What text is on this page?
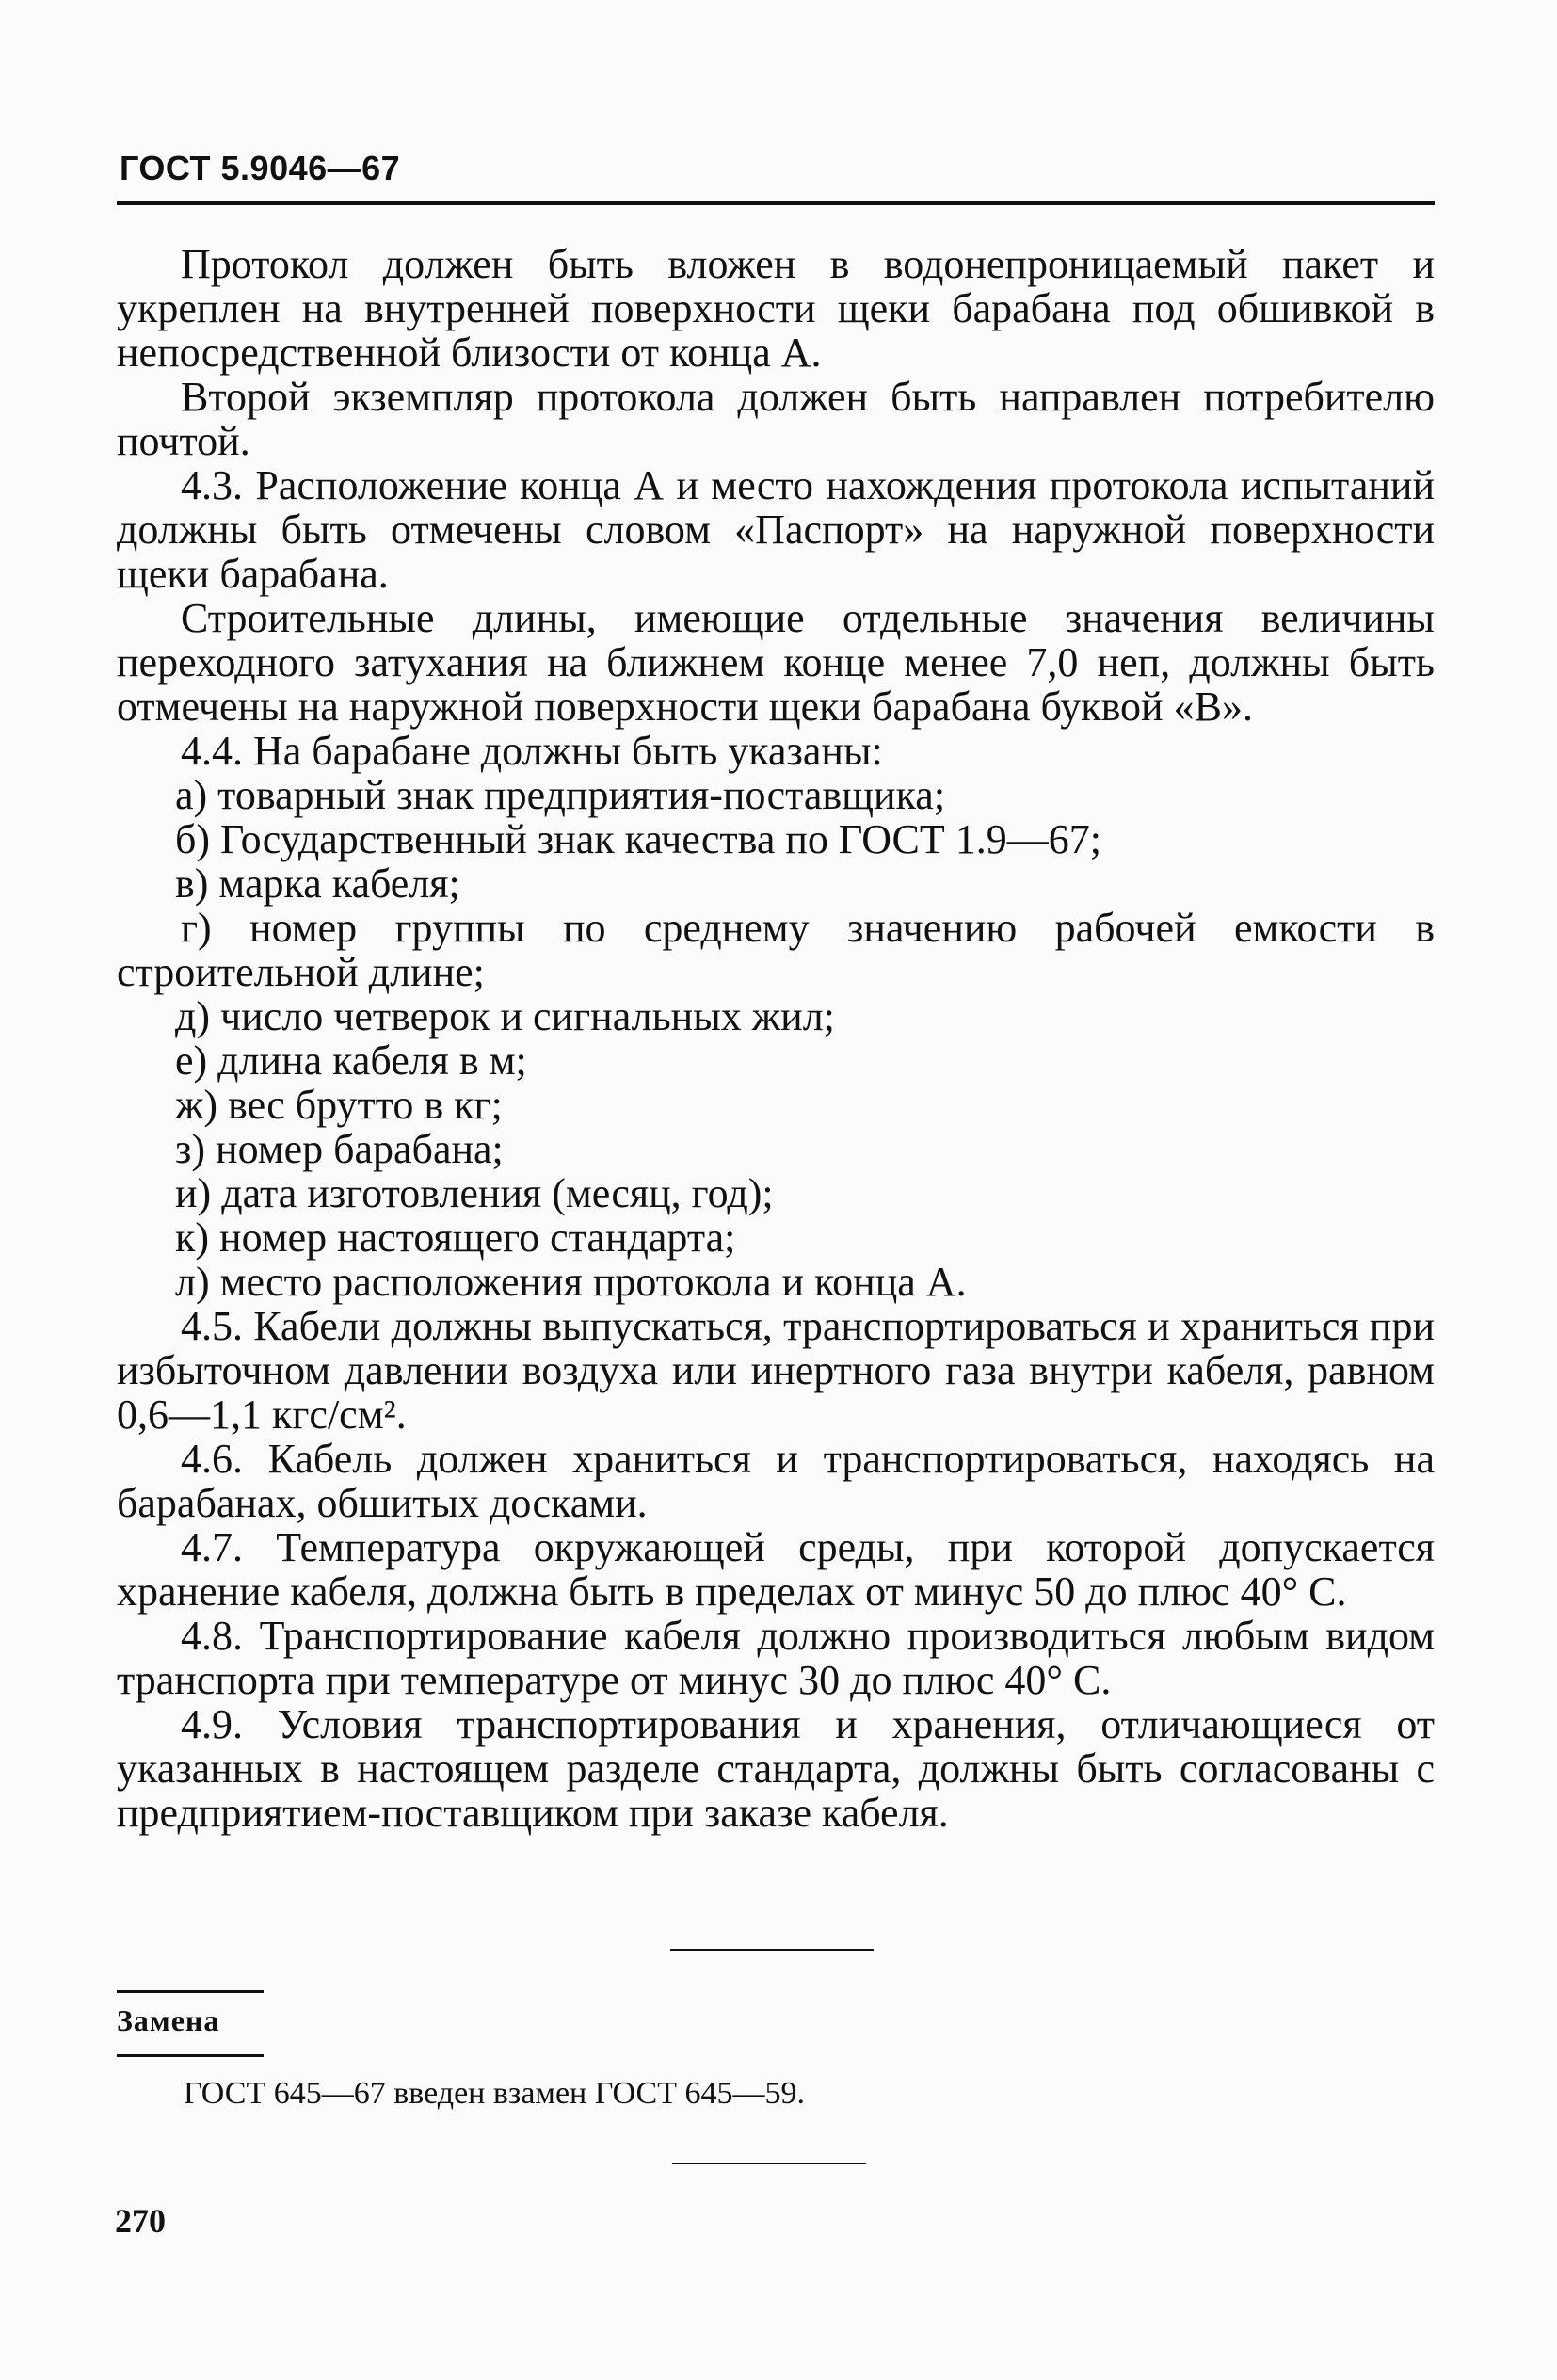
ГОСТ 5.9046—67

Протокол должен быть вложен в водонепроницаемый пакет и укреплен на внутренней поверхности щеки барабана под обшивкой в непосредственной близости от конца А.

Второй экземпляр протокола должен быть направлен потребителю почтой.

4.3. Расположение конца А и место нахождения протокола испытаний должны быть отмечены словом «Паспорт» на наружной поверхности щеки барабана.

Строительные длины, имеющие отдельные значения величины переходного затухания на ближнем конце менее 7,0 неп, должны быть отмечены на наружной поверхности щеки барабана буквой «В».

4.4. На барабане должны быть указаны:

а) товарный знак предприятия-поставщика;

б) Государственный знак качества по ГОСТ 1.9—67;

в) марка кабеля;

г) номер группы по среднему значению рабочей емкости в строительной длине;

д) число четверок и сигнальных жил;

е) длина кабеля в м;

ж) вес брутто в кг;

з) номер барабана;

и) дата изготовления (месяц, год);

к) номер настоящего стандарта;

л) место расположения протокола и конца А.

4.5. Кабели должны выпускаться, транспортироваться и храниться при избыточном давлении воздуха или инертного газа внутри кабеля, равном 0,6—1,1 кгс/см².

4.6. Кабель должен храниться и транспортироваться, находясь на барабанах, обшитых досками.

4.7. Температура окружающей среды, при которой допускается хранение кабеля, должна быть в пределах от минус 50 до плюс 40° С.

4.8. Транспортирование кабеля должно производиться любым видом транспорта при температуре от минус 30 до плюс 40° С.

4.9. Условия транспортирования и хранения, отличающиеся от указанных в настоящем разделе стандарта, должны быть согласованы с предприятием-поставщиком при заказе кабеля.

Замена
ГОСТ 645—67 введен взамен ГОСТ 645—59.
270
